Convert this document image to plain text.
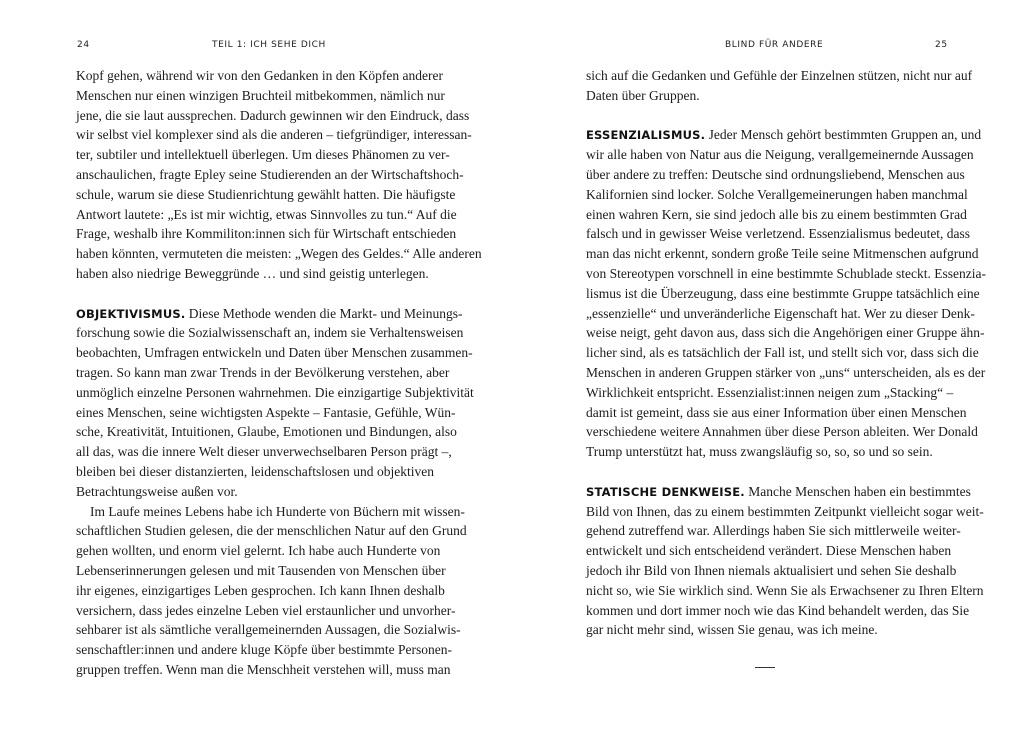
24	TEIL 1: ICH SEHE DICH
Kopf gehen, während wir von den Gedanken in den Köpfen anderer
Menschen nur einen winzigen Bruchteil mitbekommen, nämlich nur
jene, die sie laut aussprechen. Dadurch gewinnen wir den Eindruck, dass
wir selbst viel komplexer sind als die anderen – tiefgründiger, interessan-
ter, subtiler und intellektuell überlegen. Um dieses Phänomen zu ver-
anschaulichen, fragte Epley seine Studierenden an der Wirtschaftshoch-
schule, warum sie diese Studienrichtung gewählt hatten. Die häufigste
Antwort lautete: „Es ist mir wichtig, etwas Sinnvolles zu tun.“ Auf die
Frage, weshalb ihre Kommiliton:innen sich für Wirtschaft entschieden
haben könnten, vermuteten die meisten: „Wegen des Geldes.“ Alle anderen
haben also niedrige Beweggründe … und sind geistig unterlegen.
OBJEKTIVISMUS. Diese Methode wenden die Markt- und Meinungs-
forschung sowie die Sozialwissenschaft an, indem sie Verhaltensweisen
beobachten, Umfragen entwickeln und Daten über Menschen zusammen-
tragen. So kann man zwar Trends in der Bevölkerung verstehen, aber
unmöglich einzelne Personen wahrnehmen. Die einzigartige Subjektivität
eines Menschen, seine wichtigsten Aspekte – Fantasie, Gefühle, Wün-
sche, Kreativität, Intuitionen, Glaube, Emotionen und Bindungen, also
all das, was die innere Welt dieser unverwechselbaren Person prägt –,
bleiben bei dieser distanzierten, leidenschaftslosen und objektiven
Betrachtungsweise außen vor.
Im Laufe meines Lebens habe ich Hunderte von Büchern mit wissen-
schaftlichen Studien gelesen, die der menschlichen Natur auf den Grund
gehen wollten, und enorm viel gelernt. Ich habe auch Hunderte von
Lebenserinnerungen gelesen und mit Tausenden von Menschen über
ihr eigenes, einzigartiges Leben gesprochen. Ich kann Ihnen deshalb
versichern, dass jedes einzelne Leben viel erstaunlicher und unvorher-
sehbarer ist als sämtliche verallgemeinernden Aussagen, die Sozialwis-
senschaftler:innen und andere kluge Köpfe über bestimmte Personen-
gruppen treffen. Wenn man die Menschheit verstehen will, muss man
BLIND FÜR ANDERE	25
sich auf die Gedanken und Gefühle der Einzelnen stützen, nicht nur auf
Daten über Gruppen.
ESSENZIALISMUS. Jeder Mensch gehört bestimmten Gruppen an, und
wir alle haben von Natur aus die Neigung, verallgemeinernde Aussagen
über andere zu treffen: Deutsche sind ordnungsliebend, Menschen aus
Kalifornien sind locker. Solche Verallgemeinerungen haben manchmal
einen wahren Kern, sie sind jedoch alle bis zu einem bestimmten Grad
falsch und in gewisser Weise verletzend. Essenzialismus bedeutet, dass
man das nicht erkennt, sondern große Teile seine Mitmenschen aufgrund
von Stereotypen vorschnell in eine bestimmte Schublade steckt. Essenzia-
lismus ist die Überzeugung, dass eine bestimmte Gruppe tatsächlich eine
„essenzielle“ und unveränderliche Eigenschaft hat. Wer zu dieser Denk-
weise neigt, geht davon aus, dass sich die Angehörigen einer Gruppe ähn-
licher sind, als es tatsächlich der Fall ist, und stellt sich vor, dass sich die
Menschen in anderen Gruppen stärker von „uns“ unterscheiden, als es der
Wirklichkeit entspricht. Essenzialist:innen neigen zum „Stacking“ –
damit ist gemeint, dass sie aus einer Information über einen Menschen
verschiedene weitere Annahmen über diese Person ableiten. Wer Donald
Trump unterstützt hat, muss zwangsläufig so, so, so und so sein.
STATISCHE DENKWEISE. Manche Menschen haben ein bestimmtes
Bild von Ihnen, das zu einem bestimmten Zeitpunkt vielleicht sogar weit-
gehend zutreffend war. Allerdings haben Sie sich mittlerweile weiter-
entwickelt und sich entscheidend verändert. Diese Menschen haben
jedoch ihr Bild von Ihnen niemals aktualisiert und sehen Sie deshalb
nicht so, wie Sie wirklich sind. Wenn Sie als Erwachsener zu Ihren Eltern
kommen und dort immer noch wie das Kind behandelt werden, das Sie
gar nicht mehr sind, wissen Sie genau, was ich meine.
